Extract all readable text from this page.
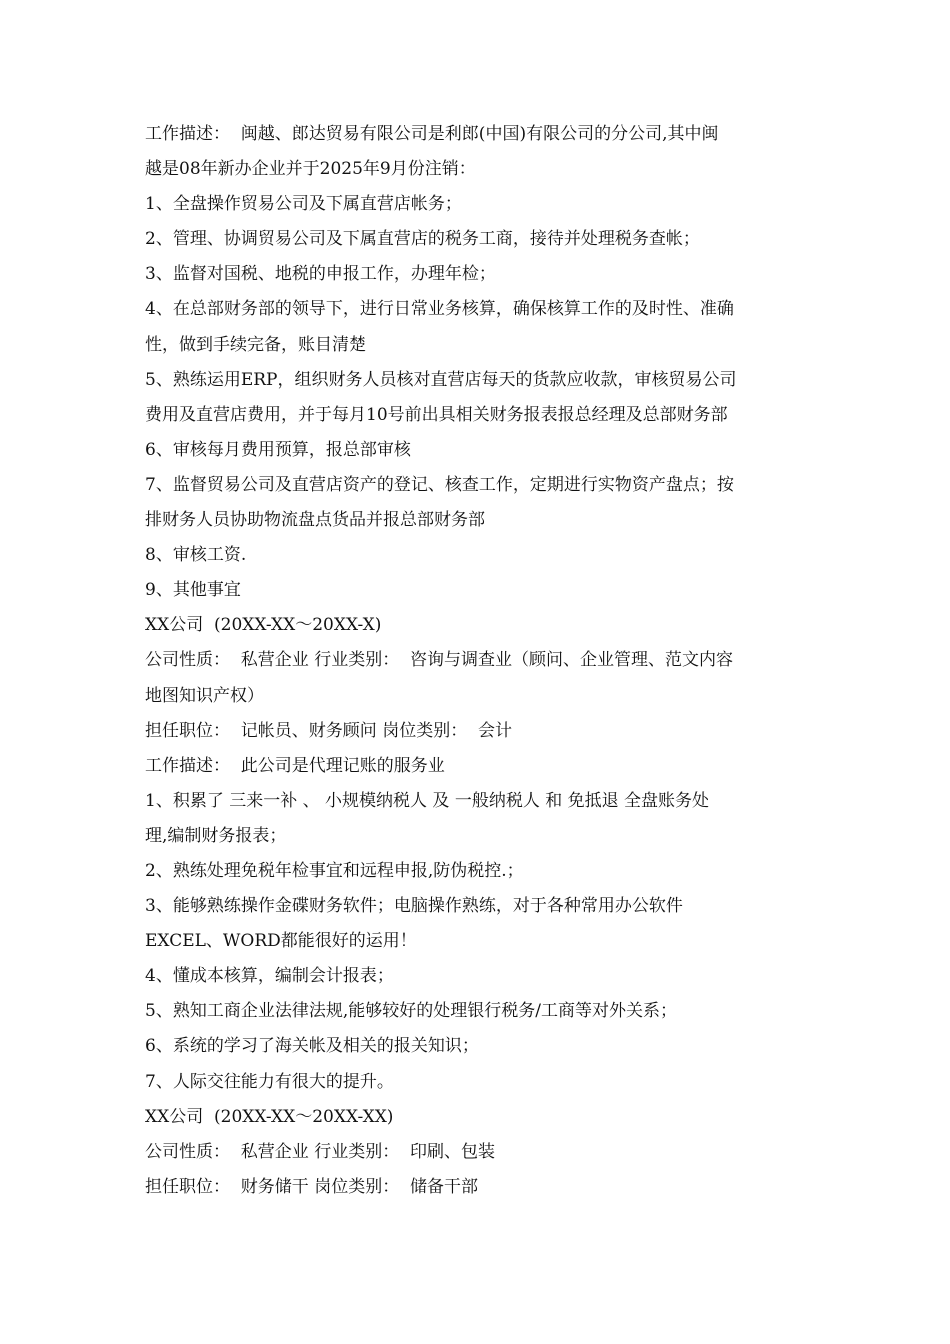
工作描述：  闽越、郎达贸易有限公司是利郎(中国)有限公司的分公司,其中闽
越是08年新办企业并于2025年9月份注销：
1、全盘操作贸易公司及下属直营店帐务；
2、管理、协调贸易公司及下属直营店的税务工商，接待并处理税务查帐；
3、监督对国税、地税的申报工作，办理年检；
4、在总部财务部的领导下，进行日常业务核算，确保核算工作的及时性、准确
性，做到手续完备，账目清楚
5、熟练运用ERP，组织财务人员核对直营店每天的货款应收款，审核贸易公司
费用及直营店费用，并于每月10号前出具相关财务报表报总经理及总部财务部
6、审核每月费用预算，报总部审核
7、监督贸易公司及直营店资产的登记、核查工作，定期进行实物资产盘点；按
排财务人员协助物流盘点货品并报总部财务部
8、审核工资.
9、其他事宜
XX公司  (20XX-XX～20XX-X)
公司性质：  私营企业 行业类别：  咨询与调查业（顾问、企业管理、范文内容
地图知识产权）
担任职位：  记帐员、财务顾问 岗位类别：  会计
工作描述：  此公司是代理记账的服务业
1、积累了 三来一补 、 小规模纳税人 及 一般纳税人 和 免抵退 全盘账务处
理,编制财务报表；
2、熟练处理免税年检事宜和远程申报,防伪税控.；
3、能够熟练操作金碟财务软件；电脑操作熟练，对于各种常用办公软件
EXCEL、WORD都能很好的运用！
4、懂成本核算，编制会计报表；
5、熟知工商企业法律法规,能够较好的处理银行税务/工商等对外关系；
6、系统的学习了海关帐及相关的报关知识；
7、人际交往能力有很大的提升。
XX公司  (20XX-XX～20XX-XX)
公司性质：  私营企业 行业类别：  印刷、包装
担任职位：  财务储干 岗位类别：  储备干部
